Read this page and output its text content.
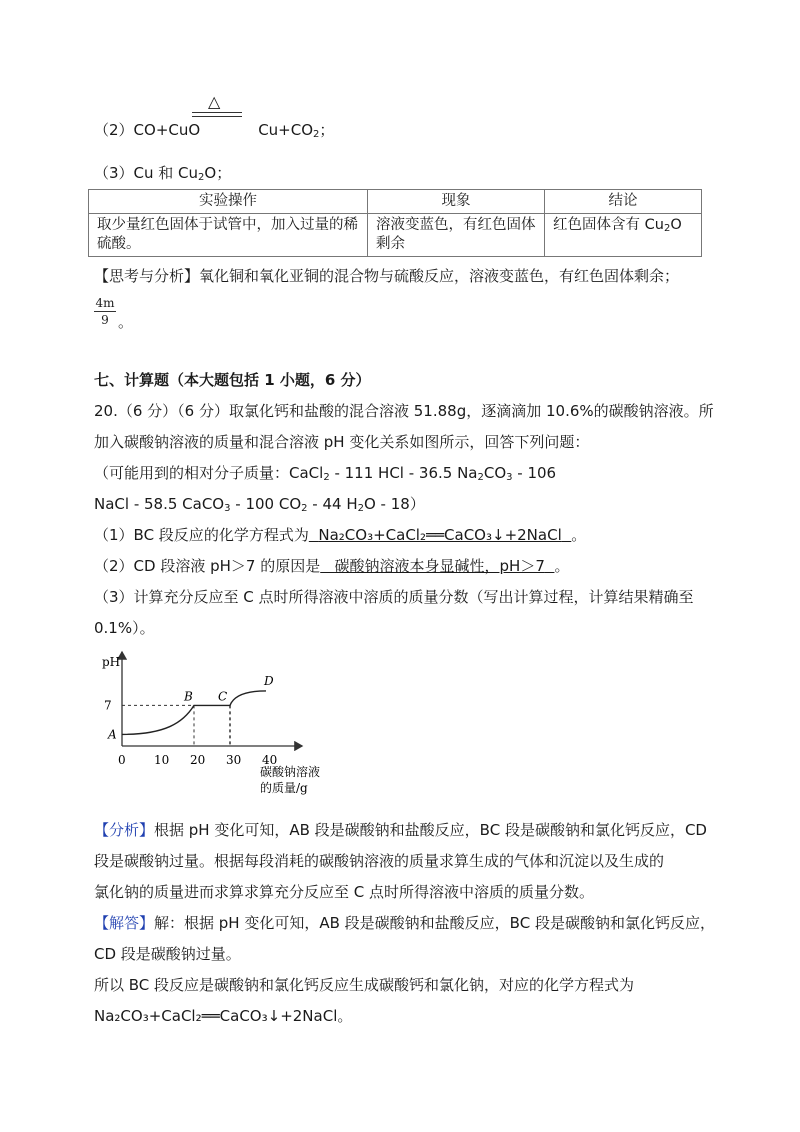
△
（2）CO+CuO	$Cu+CO_2$；
（3）Cu 和 $Cu_2O$；
实验操作	现象	结论
取少量红色固体于试管中，加入过量的稀硫酸。	溶液变蓝色，有红色固体剩余	红色固体含有 $Cu_2O$
【思考与分析】氧化铜和氧化亚铜的混合物与硫酸反应，溶液变蓝色，有红色固体剩余；
4m
9 。
七、计算题（本大题包括 1 小题，6 分）
20.（6 分）（6 分）取氯化钙和盐酸的混合溶液 51.88g，逐滴滴加 10.6%的碳酸钠溶液。所
加入碳酸钠溶液的质量和混合溶液 pH 变化关系如图所示，回答下列问题：
（可能用到的相对分子质量：CaCl$_2$ - 111 HCl - 36.5 $Na_2CO_3 - 106$
NaCl - 58.5 CaCO$_3$ - 100 $CO_2 - 44$ $H_2O - 18$）
（1）BC 段反应的化学方程式为 Na₂CO₃+CaCl₂══CaCO₃↓+2NaCl 。
（2）CD 段溶液 pH＞7 的原因是 碳酸钠溶液本身显碱性，pH＞7 。
（3）计算充分反应至 C 点时所得溶液中溶质的质量分数（写出计算过程，计算结果精确至
0.1%）。
pH
0 10 20 30 40
7
A
B C
D
碳酸钠溶液
的质量/g
【分析】根据 pH 变化可知，AB 段是碳酸钠和盐酸反应，BC 段是碳酸钠和氯化钙反应，CD
段是碳酸钠过量。根据每段消耗的碳酸钠溶液的质量求算生成的气体和沉淀以及生成的
氯化钠的质量进而求算求算充分反应至 C 点时所得溶液中溶质的质量分数。
【解答】解：根据 pH 变化可知，AB 段是碳酸钠和盐酸反应，BC 段是碳酸钠和氯化钙反应，
CD 段是碳酸钠过量。
所以 BC 段反应是碳酸钠和氯化钙反应生成碳酸钙和氯化钠，对应的化学方程式为
Na₂CO₃+CaCl₂══CaCO₃↓+2NaCl。
